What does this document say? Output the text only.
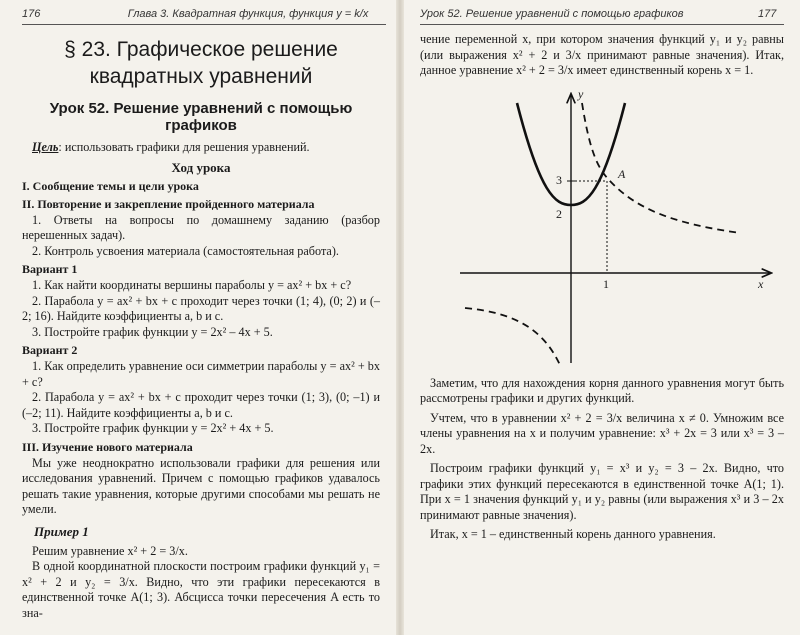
176	Глава 3. Квадратная функция, функция y = k/x
§ 23. Графическое решение
квадратных уравнений
Урок 52. Решение уравнений с помощью графиков

Цель: использовать графики для решения уравнений.

Ход урока
I. Сообщение темы и цели урока
II. Повторение и закрепление пройденного материала

1. Ответы на вопросы по домашнему заданию (разбор нерешенных задач).

2. Контроль усвоения материала (самостоятельная работа).

Вариант 1

1. Как найти координаты вершины параболы y = ax² + bx + c?

2. Парабола y = ax² + bx + c проходит через точки (1; 4), (0; 2) и (–2; 16). Найдите коэффициенты a, b и c.

3. Постройте график функции y = 2x² – 4x + 5.

Вариант 2

1. Как определить уравнение оси симметрии параболы y = ax² + bx + c?

2. Парабола y = ax² + bx + c проходит через точки (1; 3), (0; –1) и (–2; 11). Найдите коэффициенты a, b и c.

3. Постройте график функции y = 2x² + 4x + 5.

III. Изучение нового материала

Мы уже неоднократно использовали графики для решения или исследования уравнений. Причем с помощью графиков удавалось решать такие уравнения, которые другими способами мы решать не умели.

Пример 1

Решим уравнение x² + 2 = 3/x.

В одной координатной плоскости построим графики функций y₁ = x² + 2 и y₂ = 3/x. Видно, что эти графики пересекаются в единственной точке A(1; 3). Абсцисса точки пересечения A есть то зна-

Урок 52. Решение уравнений с помощью графиков	177

чение переменной x, при котором значения функций y₁ и y₂ равны (или выражения x² + 2 и 3/x принимают равные значения). Итак, данное уравнение x² + 2 = 3/x имеет единственный корень x = 1.

y
x
3
2
1
A

Заметим, что для нахождения корня данного уравнения могут быть рассмотрены графики и других функций.

Учтем, что в уравнении x² + 2 = 3/x величина x ≠ 0. Умножим все члены уравнения на x и получим уравнение: x³ + 2x = 3 или x³ = 3 – 2x.

Построим графики функций y₁ = x³ и y₂ = 3 – 2x. Видно, что графики этих функций пересекаются в единственной точке A(1; 1). При x = 1 значения функций y₁ и y₂ равны (или выражения x³ и 3 – 2x принимают равные значения).

Итак, x = 1 – единственный корень данного уравнения.
